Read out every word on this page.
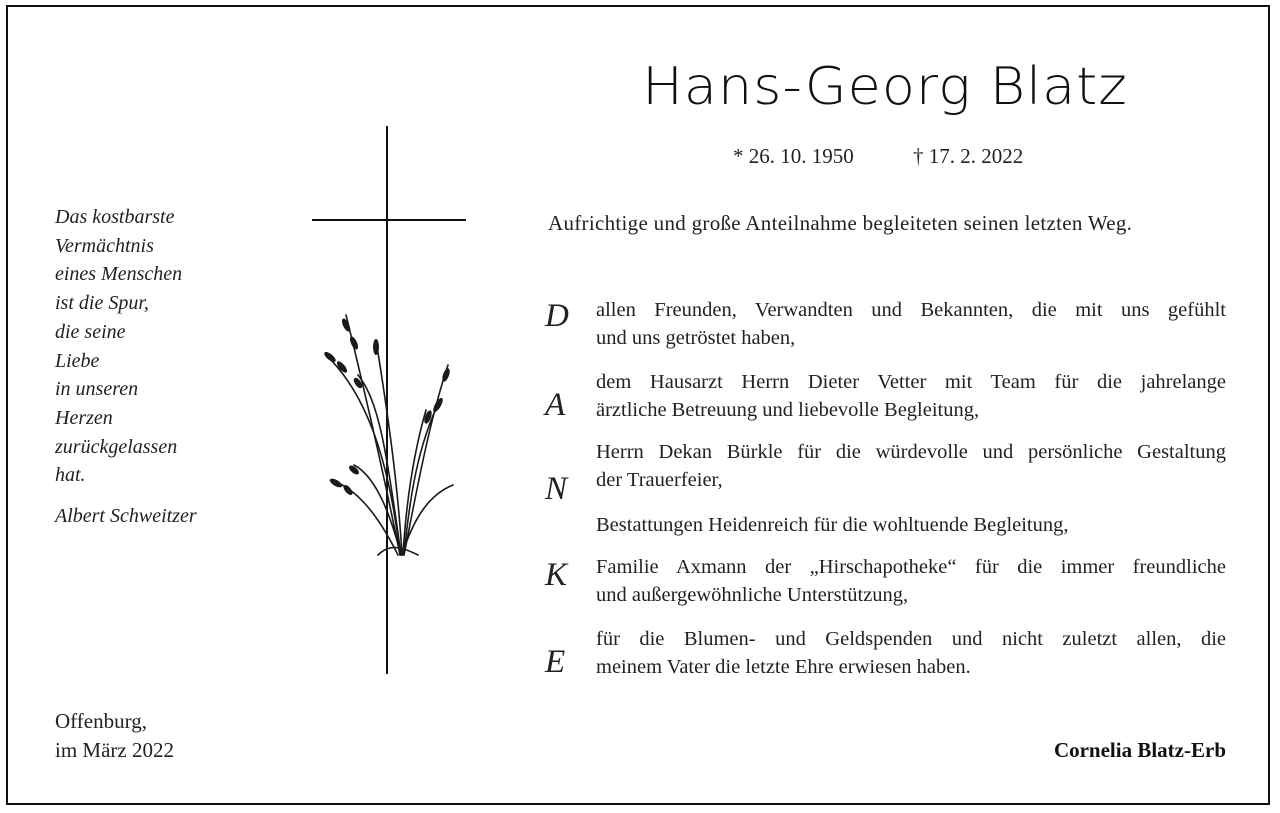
Hans-Georg Blatz
* 26. 10. 1950	† 17. 2. 2022
Aufrichtige und große Anteilnahme begleiteten seinen letzten Weg.
Das kostbarste
Vermächtnis
eines Menschen
ist die Spur,
die seine
Liebe
in unseren
Herzen
zurückgelassen
hat.
Albert Schweitzer
D
A
N
K
E
allen Freunden, Verwandten und Bekannten, die mit uns gefühlt
und uns getröstet haben,
dem Hausarzt Herrn Dieter Vetter mit Team für die jahrelange
ärztliche Betreuung und liebevolle Begleitung,
Herrn Dekan Bürkle für die würdevolle und persönliche Gestaltung
der Trauerfeier,
Bestattungen Heidenreich für die wohltuende Begleitung,
Familie Axmann der „Hirschapotheke“ für die immer freundliche
und außergewöhnliche Unterstützung,
für die Blumen- und Geldspenden und nicht zuletzt allen, die
meinem Vater die letzte Ehre erwiesen haben.
Offenburg,
im März 2022	Cornelia Blatz-Erb
